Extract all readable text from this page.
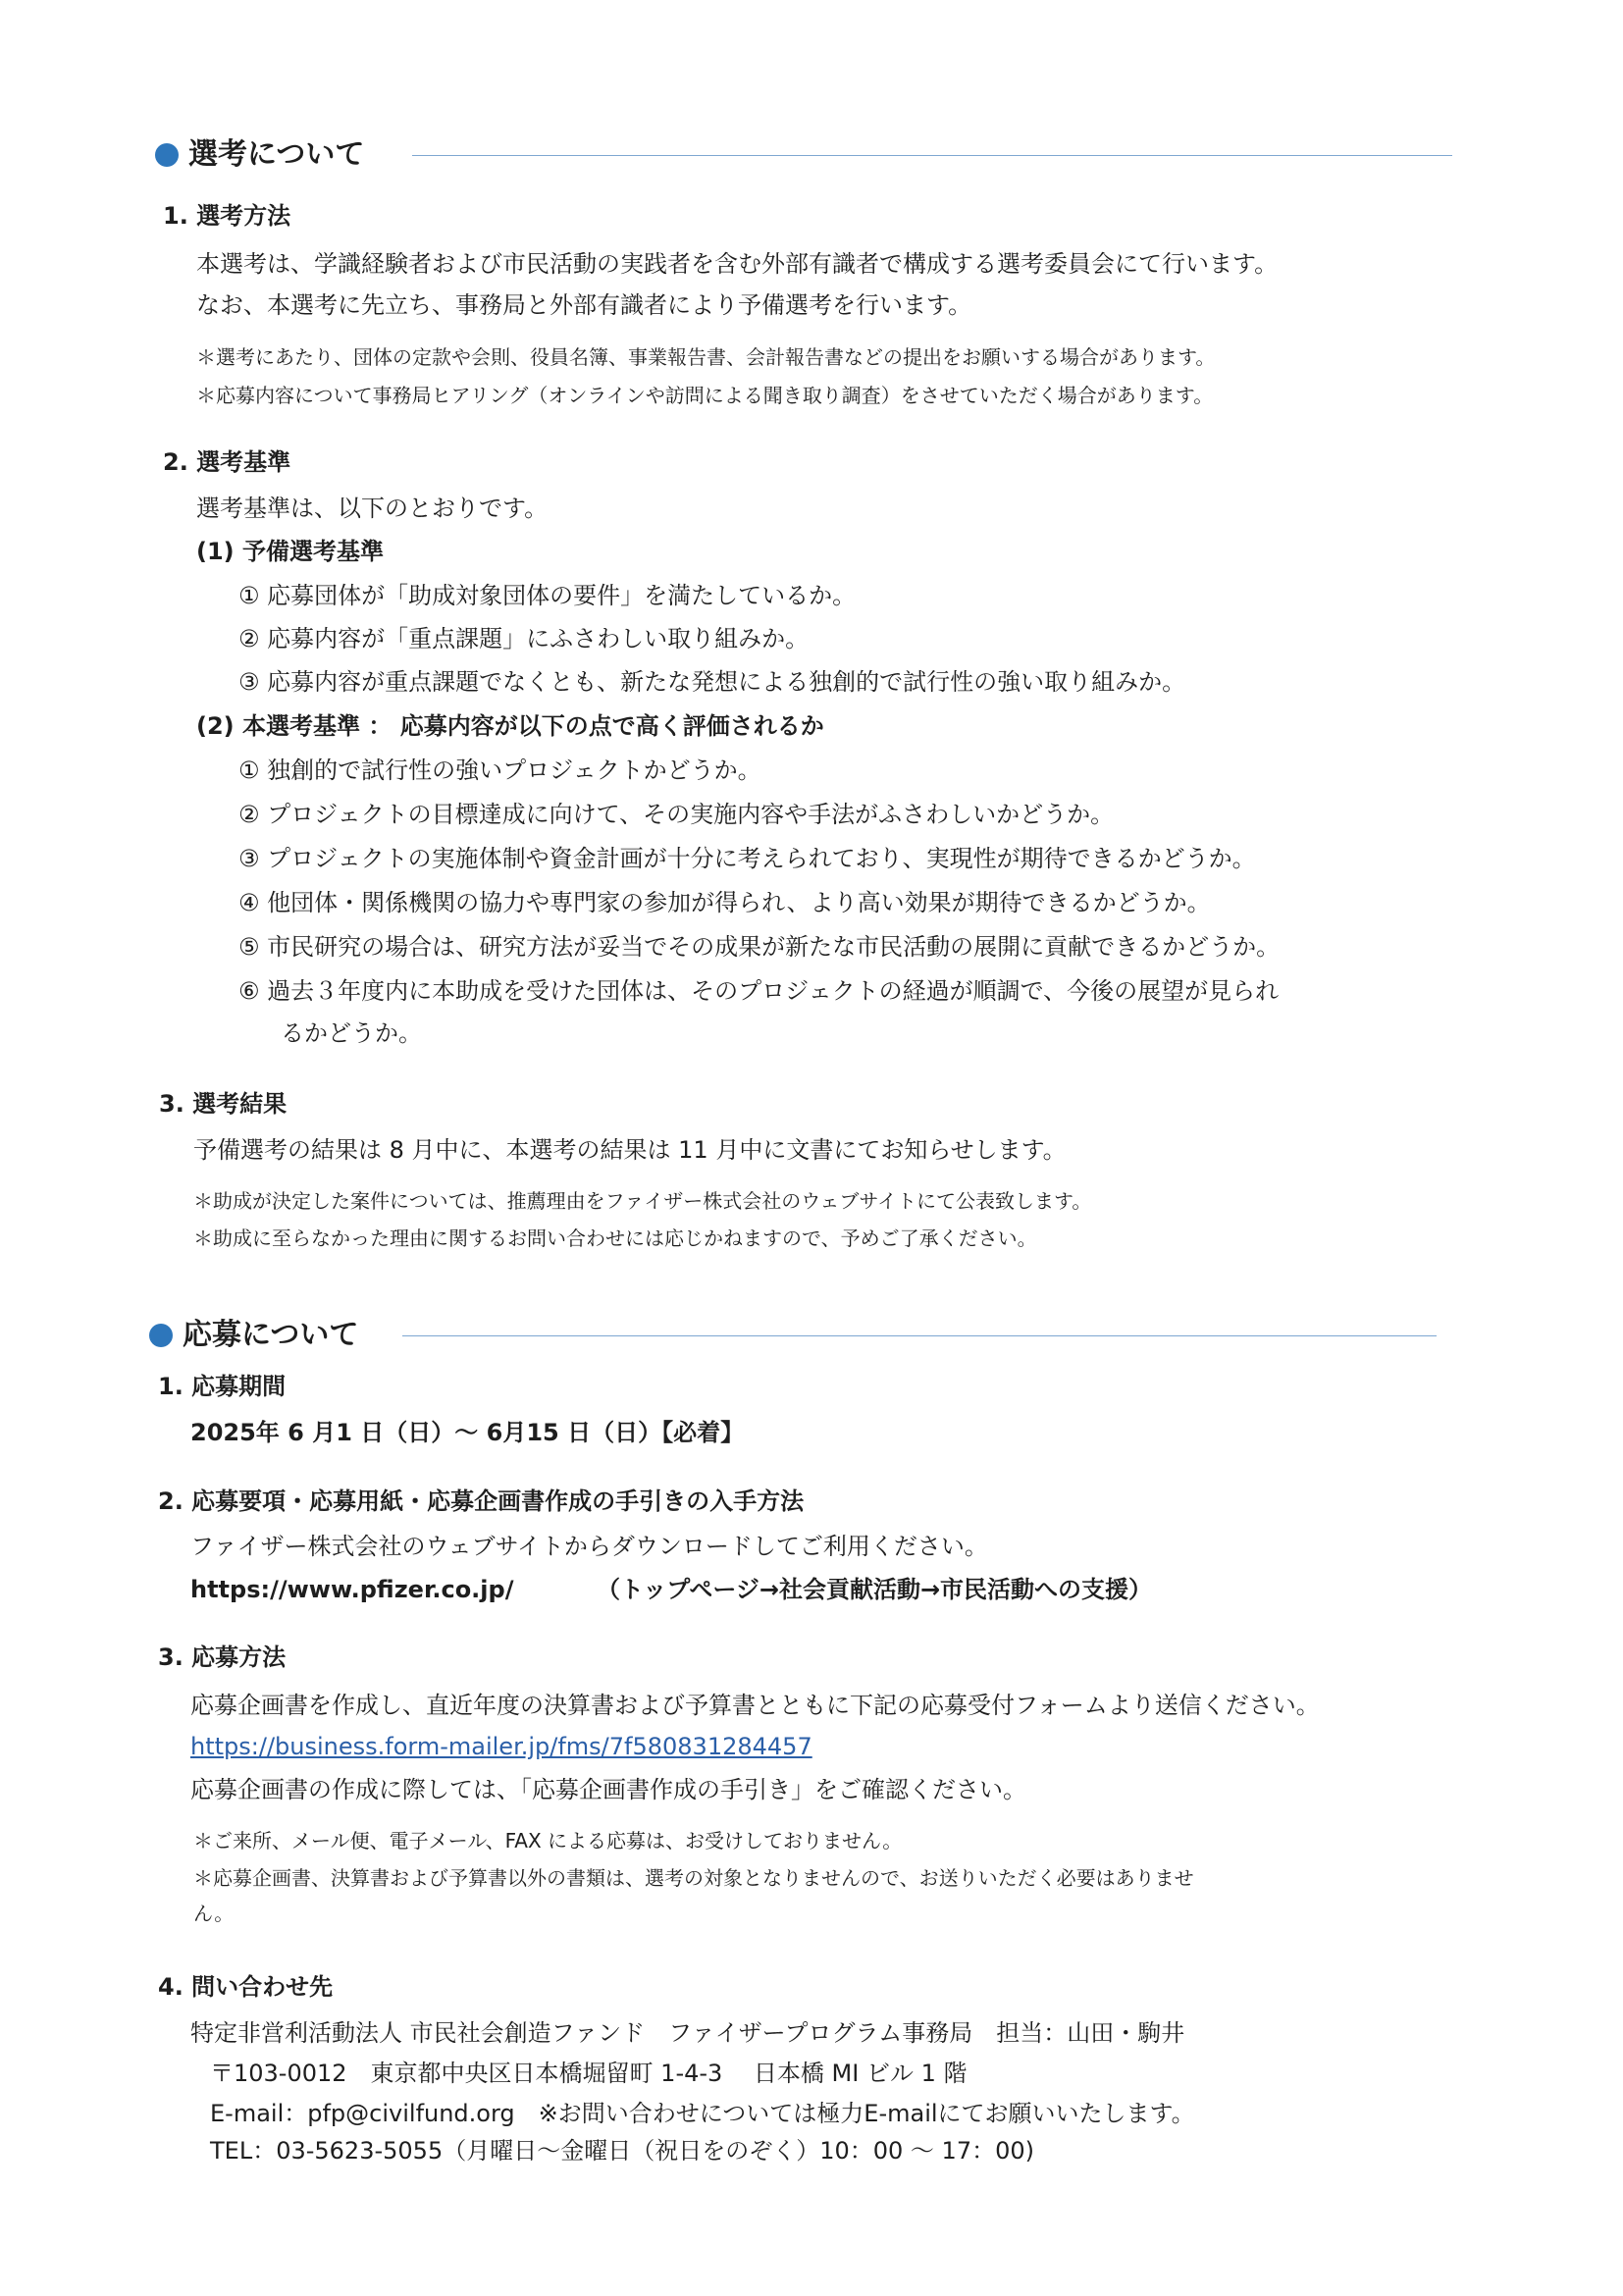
選考について
1. 選考方法
本選考は、学識経験者および市民活動の実践者を含む外部有識者で構成する選考委員会にて行います。
なお、本選考に先立ち、事務局と外部有識者により予備選考を行います。
＊選考にあたり、団体の定款や会則、役員名簿、事業報告書、会計報告書などの提出をお願いする場合があります。
＊応募内容について事務局ヒアリング（オンラインや訪問による聞き取り調査）をさせていただく場合があります。
2. 選考基準
選考基準は、以下のとおりです。
(1) 予備選考基準
① 応募団体が「助成対象団体の要件」を満たしているか。
② 応募内容が「重点課題」にふさわしい取り組みか。
③ 応募内容が重点課題でなくとも、新たな発想による独創的で試行性の強い取り組みか。
(2) 本選考基準 ： 応募内容が以下の点で高く評価されるか
① 独創的で試行性の強いプロジェクトかどうか。
② プロジェクトの目標達成に向けて、その実施内容や手法がふさわしいかどうか。
③ プロジェクトの実施体制や資金計画が十分に考えられており、実現性が期待できるかどうか。
④ 他団体・関係機関の協力や専門家の参加が得られ、より高い効果が期待できるかどうか。
⑤ 市民研究の場合は、研究方法が妥当でその成果が新たな市民活動の展開に貢献できるかどうか。
⑥ 過去３年度内に本助成を受けた団体は、そのプロジェクトの経過が順調で、今後の展望が見られ
るかどうか。
3. 選考結果
予備選考の結果は 8 月中に、本選考の結果は 11 月中に文書にてお知らせします。
＊助成が決定した案件については、推薦理由をファイザー株式会社のウェブサイトにて公表致します。
＊助成に至らなかった理由に関するお問い合わせには応じかねますので、予めご了承ください。
応募について
1. 応募期間
2025年 6 月1 日（日）～ 6月15 日（日）【必着】
2. 応募要項・応募用紙・応募企画書作成の手引きの入手方法
ファイザー株式会社のウェブサイトからダウンロードしてご利用ください。
https://www.pfizer.co.jp/	（トップページ→社会貢献活動→市民活動への支援）
3. 応募方法
応募企画書を作成し、直近年度の決算書および予算書とともに下記の応募受付フォームより送信ください。
https://business.form-mailer.jp/fms/7f580831284457
応募企画書の作成に際しては、「応募企画書作成の手引き」をご確認ください。
＊ご来所、メール便、電子メール、FAX による応募は、お受けしておりません。
＊応募企画書、決算書および予算書以外の書類は、選考の対象となりませんので、お送りいただく必要はありませ
ん。
4. 問い合わせ先
特定非営利活動法人 市民社会創造ファンド　ファイザープログラム事務局　担当：山田・駒井
〒103-0012　東京都中央区日本橋堀留町 1-4-3　 日本橋 MI ビル 1 階
E-mail：pfp@civilfund.org　※お問い合わせについては極力E-mailにてお願いいたします。
TEL：03-5623-5055（月曜日～金曜日（祝日をのぞく）10：00 ～ 17：00)
